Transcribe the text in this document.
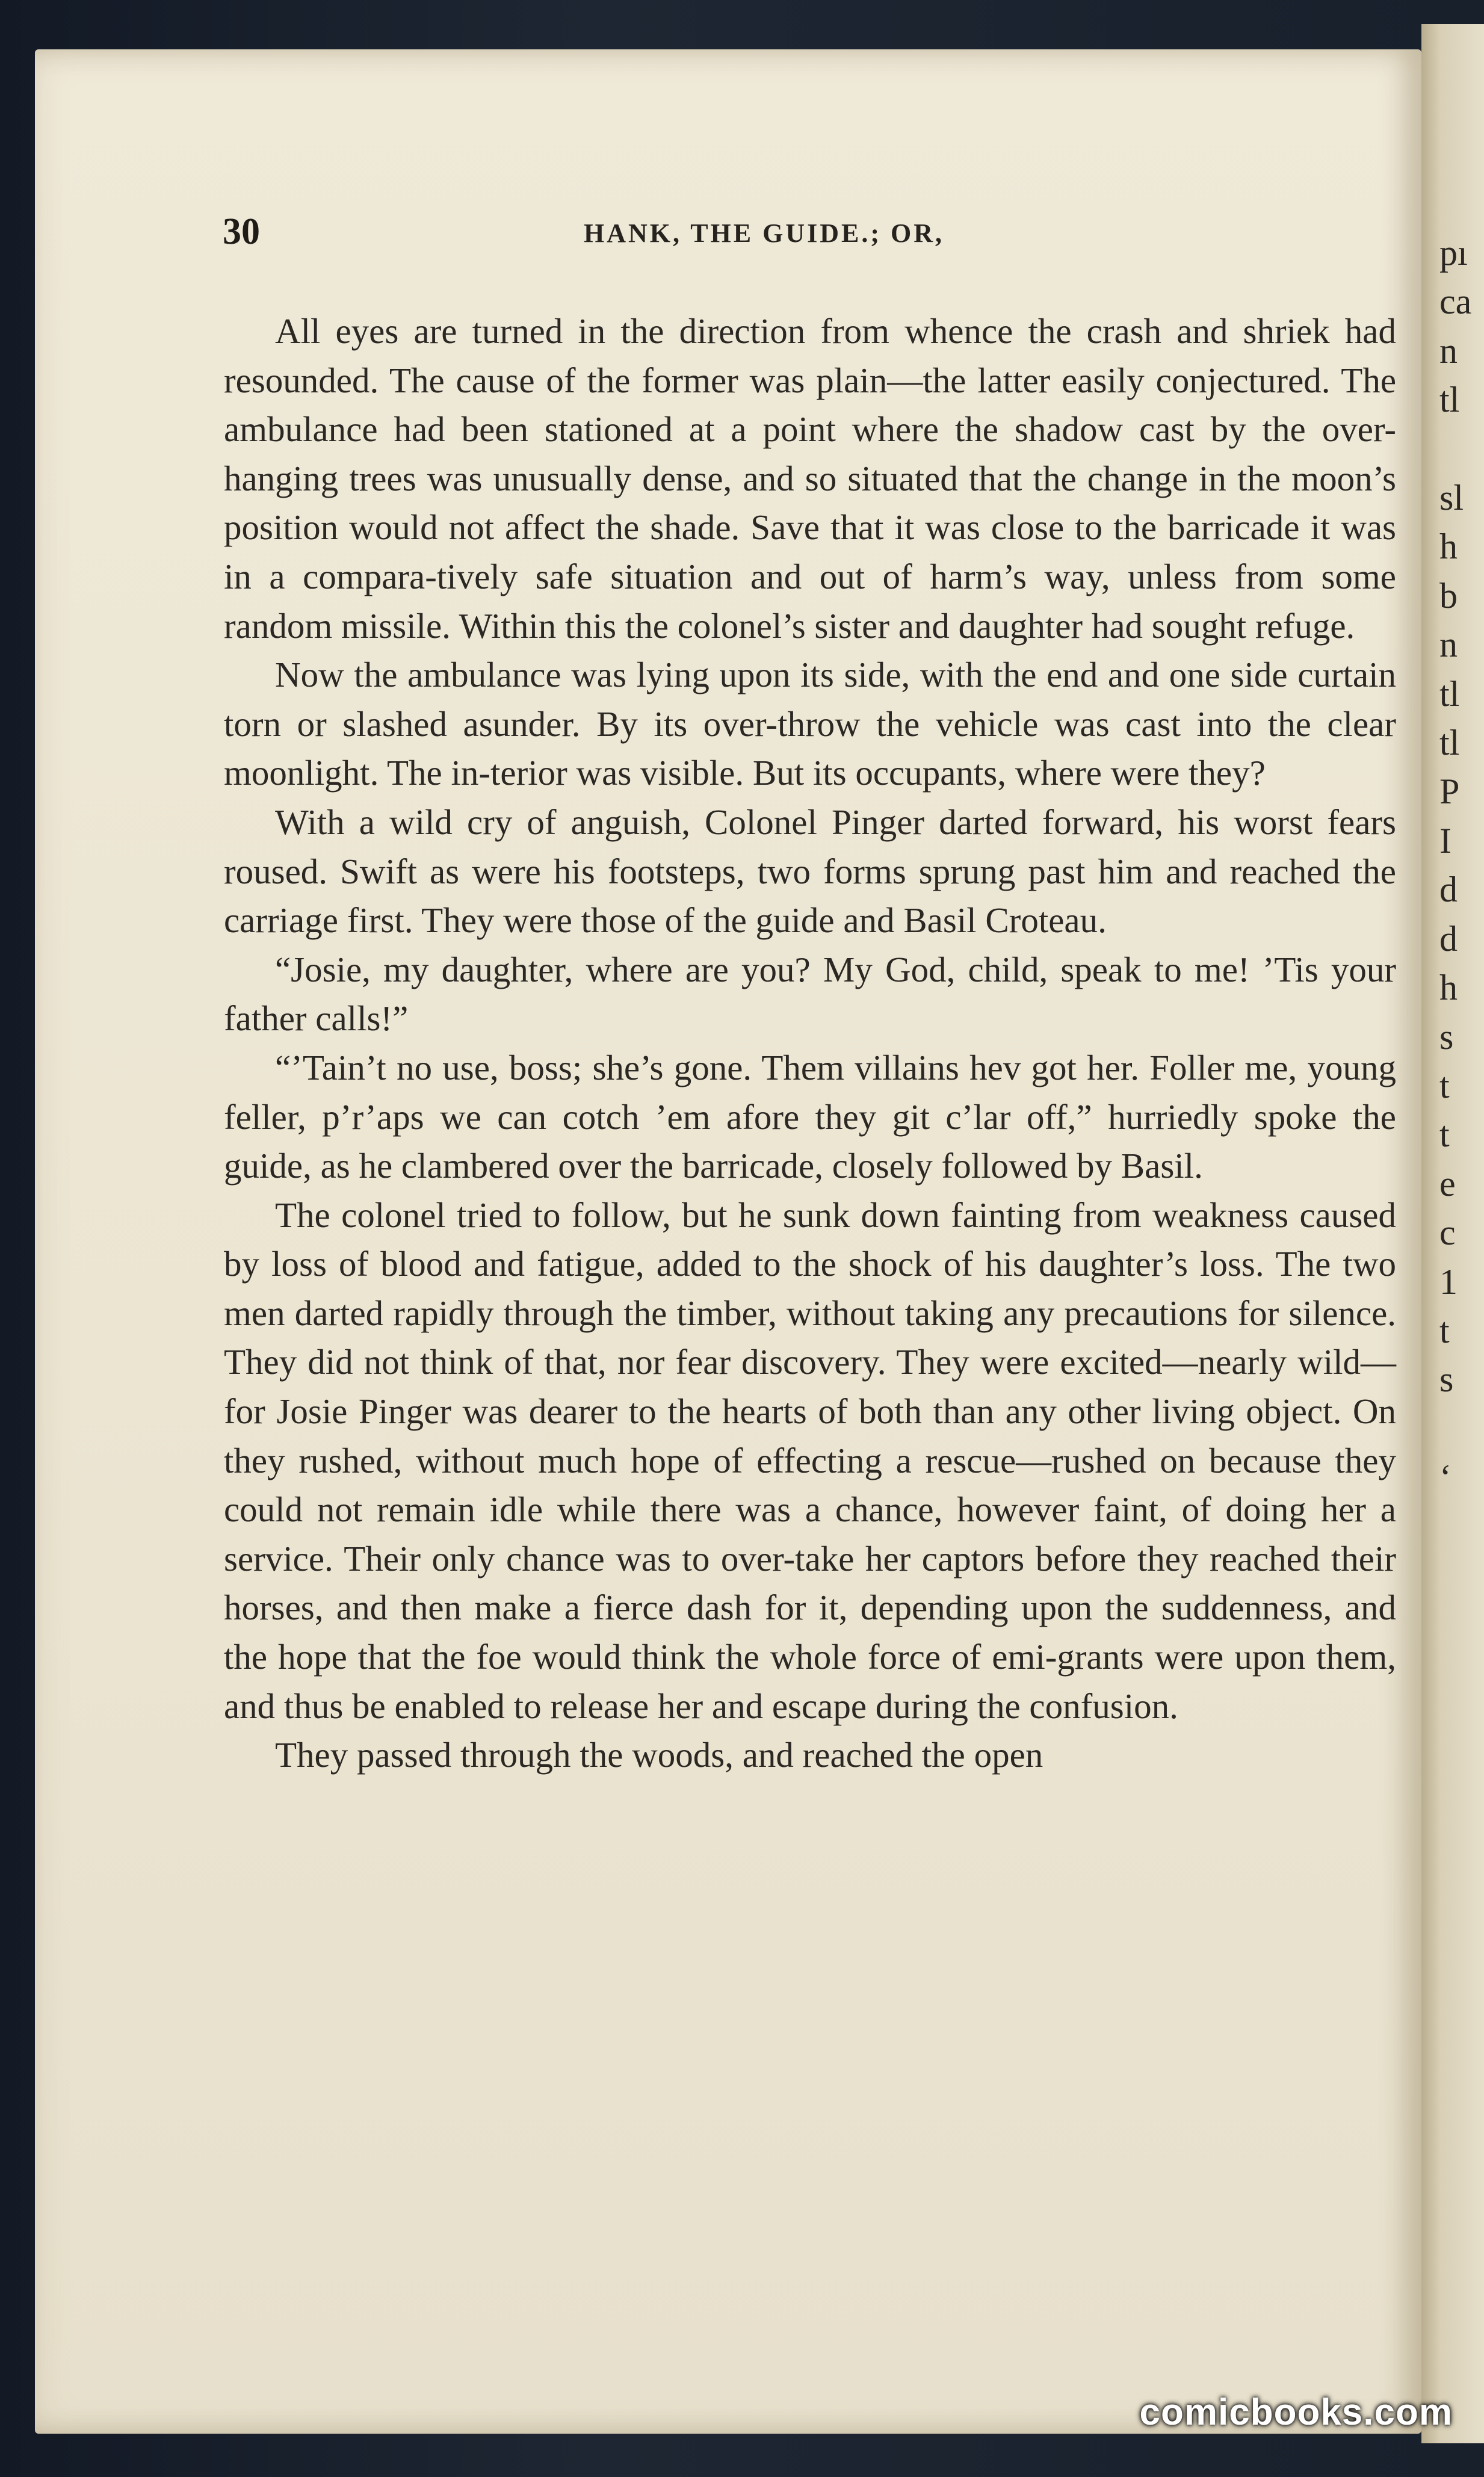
pı
ca
n
tl

sl
h
b
n
tl
tl
P
I
d
d
h
s
t
t
e
c
1
t
s

‘
30	HANK, THE GUIDE.; OR,

All eyes are turned in the direction from whence the crash and shriek had resounded. The cause of the former was plain—the latter easily conjectured. The ambulance had been stationed at a point where the shadow cast by the over-hanging trees was unusually dense, and so situated that the change in the moon’s position would not affect the shade. Save that it was close to the barricade it was in a compara-tively safe situation and out of harm’s way, unless from some random missile. Within this the colonel’s sister and daughter had sought refuge.

Now the ambulance was lying upon its side, with the end and one side curtain torn or slashed asunder. By its over-throw the vehicle was cast into the clear moonlight. The in-terior was visible. But its occupants, where were they?

With a wild cry of anguish, Colonel Pinger darted forward, his worst fears roused. Swift as were his footsteps, two forms sprung past him and reached the carriage first. They were those of the guide and Basil Croteau.

“Josie, my daughter, where are you? My God, child, speak to me! ’Tis your father calls!”

“’Tain’t no use, boss; she’s gone. Them villains hev got her. Foller me, young feller, p’r’aps we can cotch ’em afore they git c’lar off,” hurriedly spoke the guide, as he clambered over the barricade, closely followed by Basil.

The colonel tried to follow, but he sunk down fainting from weakness caused by loss of blood and fatigue, added to the shock of his daughter’s loss. The two men darted rapidly through the timber, without taking any precautions for silence. They did not think of that, nor fear discovery. They were excited—nearly wild—for Josie Pinger was dearer to the hearts of both than any other living object. On they rushed, without much hope of effecting a rescue—rushed on because they could not remain idle while there was a chance, however faint, of doing her a service. Their only chance was to over-take her captors before they reached their horses, and then make a fierce dash for it, depending upon the suddenness, and the hope that the foe would think the whole force of emi-grants were upon them, and thus be enabled to release her and escape during the confusion.

They passed through the woods, and reached the open

comicbooks.com
